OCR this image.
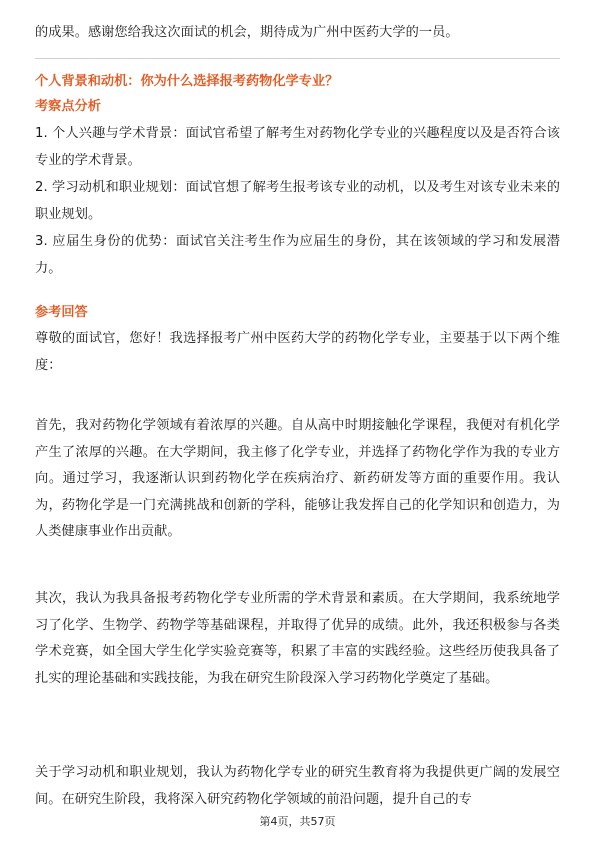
的成果。感谢您给我这次面试的机会，期待成为广州中医药大学的一员。

个人背景和动机：你为什么选择报考药物化学专业？

考察点分析

1. 个人兴趣与学术背景：面试官希望了解考生对药物化学专业的兴趣程度以及是否符合该专业的学术背景。

2. 学习动机和职业规划：面试官想了解考生报考该专业的动机，以及考生对该专业未来的职业规划。

3. 应届生身份的优势：面试官关注考生作为应届生的身份，其在该领域的学习和发展潜力。

参考回答

尊敬的面试官，您好！我选择报考广州中医药大学的药物化学专业，主要基于以下两个维度：

首先，我对药物化学领域有着浓厚的兴趣。自从高中时期接触化学课程，我便对有机化学产生了浓厚的兴趣。在大学期间，我主修了化学专业，并选择了药物化学作为我的专业方向。通过学习，我逐渐认识到药物化学在疾病治疗、新药研发等方面的重要作用。我认为，药物化学是一门充满挑战和创新的学科，能够让我发挥自己的化学知识和创造力，为人类健康事业作出贡献。

其次，我认为我具备报考药物化学专业所需的学术背景和素质。在大学期间，我系统地学习了化学、生物学、药物学等基础课程，并取得了优异的成绩。此外，我还积极参与各类学术竞赛，如全国大学生化学实验竞赛等，积累了丰富的实践经验。这些经历使我具备了扎实的理论基础和实践技能，为我在研究生阶段深入学习药物化学奠定了基础。

关于学习动机和职业规划，我认为药物化学专业的研究生教育将为我提供更广阔的发展空间。在研究生阶段，我将深入研究药物化学领域的前沿问题，提升自己的专

第4页，共57页
